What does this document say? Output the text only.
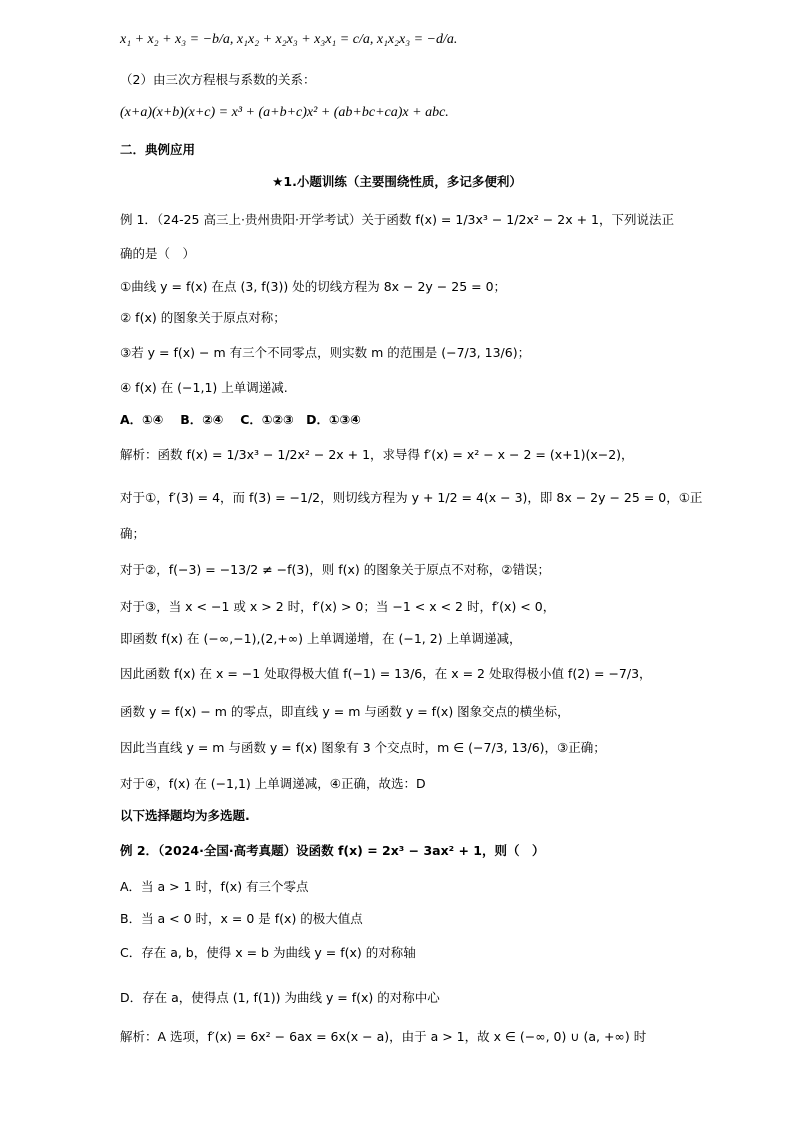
x₁ + x₂ + x₃ = −b/a, x₁x₂ + x₂x₃ + x₃x₁ = c/a, x₁x₂x₃ = −d/a.
（2）由三次方程根与系数的关系：
(x+a)(x+b)(x+c) = x³ + (a+b+c)x² + (ab+bc+ca)x + abc.
二．典例应用
★1.小题训练（主要围绕性质，多记多便利）
例 1．（24-25 高三上·贵州贵阳·开学考试）关于函数 f(x) = 1/3x³ − 1/2x² − 2x + 1，下列说法正
确的是（　）
①曲线 y = f(x) 在点 (3, f(3)) 处的切线方程为 8x − 2y − 25 = 0；
② f(x) 的图象关于原点对称；
③若 y = f(x) − m 有三个不同零点，则实数 m 的范围是 (−7/3, 13/6)；
④ f(x) 在 (−1,1) 上单调递减.
A．①④　 B．②④　 C．①②③　D．①③④
解析：函数 f(x) = 1/3x³ − 1/2x² − 2x + 1，求导得 f′(x) = x² − x − 2 = (x+1)(x−2)，
对于①，f′(3) = 4，而 f(3) = −1/2，则切线方程为 y + 1/2 = 4(x − 3)，即 8x − 2y − 25 = 0，①正
确；
对于②，f(−3) = −13/2 ≠ −f(3)，则 f(x) 的图象关于原点不对称，②错误；
对于③，当 x < −1 或 x > 2 时，f′(x) > 0；当 −1 < x < 2 时，f′(x) < 0，
即函数 f(x) 在 (−∞,−1),(2,+∞) 上单调递增，在 (−1, 2) 上单调递减，
因此函数 f(x) 在 x = −1 处取得极大值 f(−1) = 13/6，在 x = 2 处取得极小值 f(2) = −7/3，
函数 y = f(x) − m 的零点，即直线 y = m 与函数 y = f(x) 图象交点的横坐标，
因此当直线 y = m 与函数 y = f(x) 图象有 3 个交点时，m ∈ (−7/3, 13/6)，③正确；
对于④，f(x) 在 (−1,1) 上单调递减，④正确，故选：D
以下选择题均为多选题.
例 2．（2024·全国·高考真题）设函数 f(x) = 2x³ − 3ax² + 1，则（　）
A．当 a > 1 时，f(x) 有三个零点
B．当 a < 0 时，x = 0 是 f(x) 的极大值点
C．存在 a, b，使得 x = b 为曲线 y = f(x) 的对称轴
D．存在 a，使得点 (1, f(1)) 为曲线 y = f(x) 的对称中心
解析：A 选项，f′(x) = 6x² − 6ax = 6x(x − a)，由于 a > 1，故 x ∈ (−∞, 0) ∪ (a, +∞) 时
